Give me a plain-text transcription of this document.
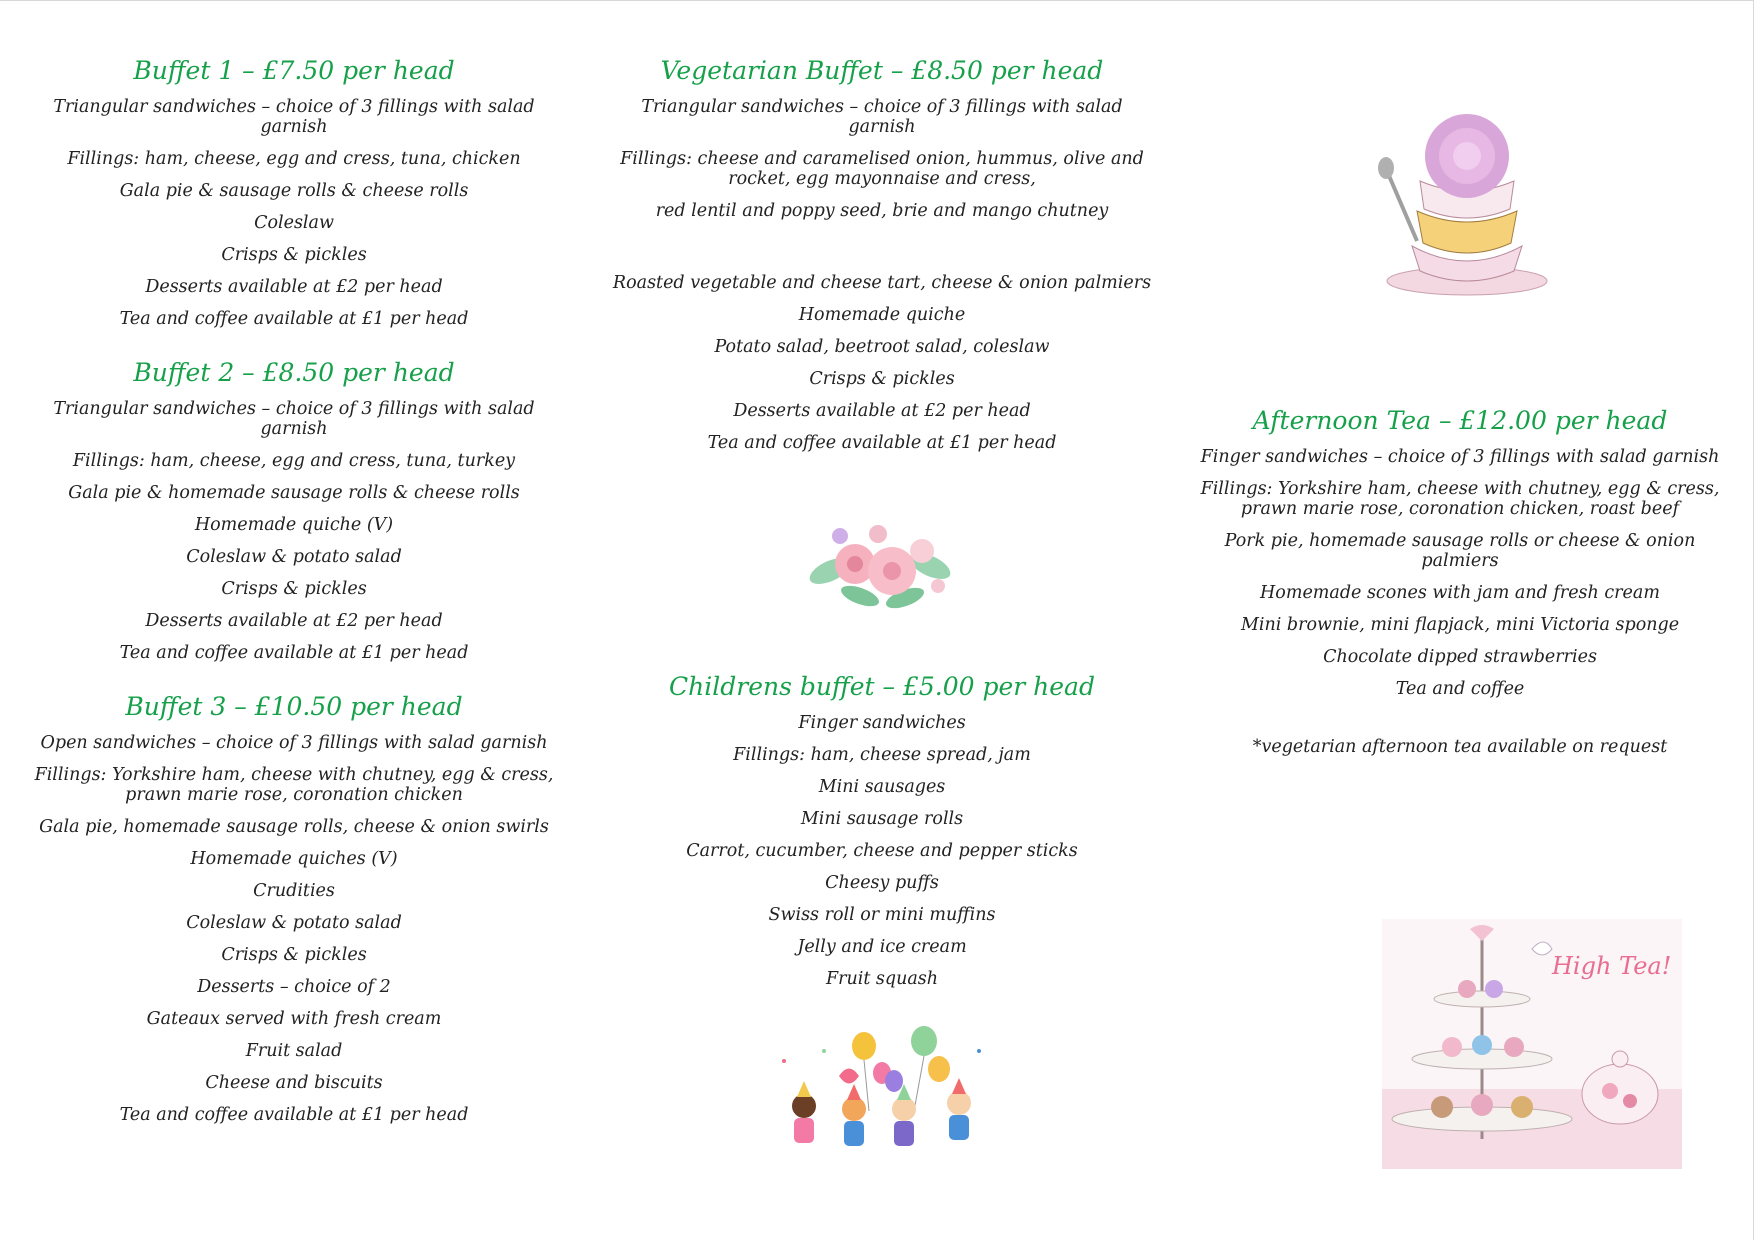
Buffet 1 – £7.50 per head
Triangular sandwiches – choice of 3 fillings with salad garnish
Fillings: ham, cheese, egg and cress, tuna, chicken
Gala pie & sausage rolls & cheese rolls
Coleslaw
Crisps & pickles
Desserts available at £2 per head
Tea and coffee available at £1 per head
Buffet 2 – £8.50 per head
Triangular sandwiches – choice of 3 fillings with salad garnish
Fillings: ham, cheese, egg and cress, tuna, turkey
Gala pie & homemade sausage rolls & cheese rolls
Homemade quiche (V)
Coleslaw & potato salad
Crisps & pickles
Desserts available at £2 per head
Tea and coffee available at £1 per head
Buffet 3 – £10.50 per head
Open sandwiches – choice of 3 fillings with salad garnish
Fillings: Yorkshire ham, cheese with chutney, egg & cress, prawn marie rose, coronation chicken
Gala pie, homemade sausage rolls, cheese & onion swirls
Homemade quiches (V)
Crudities
Coleslaw & potato salad
Crisps & pickles
Desserts – choice of 2
Gateaux served with fresh cream
Fruit salad
Cheese and biscuits
Tea and coffee available at £1 per head
Vegetarian Buffet – £8.50 per head
Triangular sandwiches – choice of 3 fillings with salad garnish
Fillings: cheese and caramelised onion, hummus, olive and rocket, egg mayonnaise and cress,
red lentil and poppy seed, brie and mango chutney
Roasted vegetable and cheese tart, cheese & onion palmiers
Homemade quiche
Potato salad, beetroot salad, coleslaw
Crisps & pickles
Desserts available at £2 per head
Tea and coffee available at £1 per head
Childrens buffet – £5.00 per head
Finger sandwiches
Fillings: ham, cheese spread, jam
Mini sausages
Mini sausage rolls
Carrot, cucumber, cheese and pepper sticks
Cheesy puffs
Swiss roll or mini muffins
Jelly and ice cream
Fruit squash
Afternoon Tea – £12.00 per head
Finger sandwiches – choice of 3 fillings with salad garnish
Fillings: Yorkshire ham, cheese with chutney, egg & cress, prawn marie rose, coronation chicken, roast beef
Pork pie, homemade sausage rolls or cheese & onion palmiers
Homemade scones with jam and fresh cream
Mini brownie, mini flapjack, mini Victoria sponge
Chocolate dipped strawberries
Tea and coffee
*vegetarian afternoon tea available on request
High Tea!
